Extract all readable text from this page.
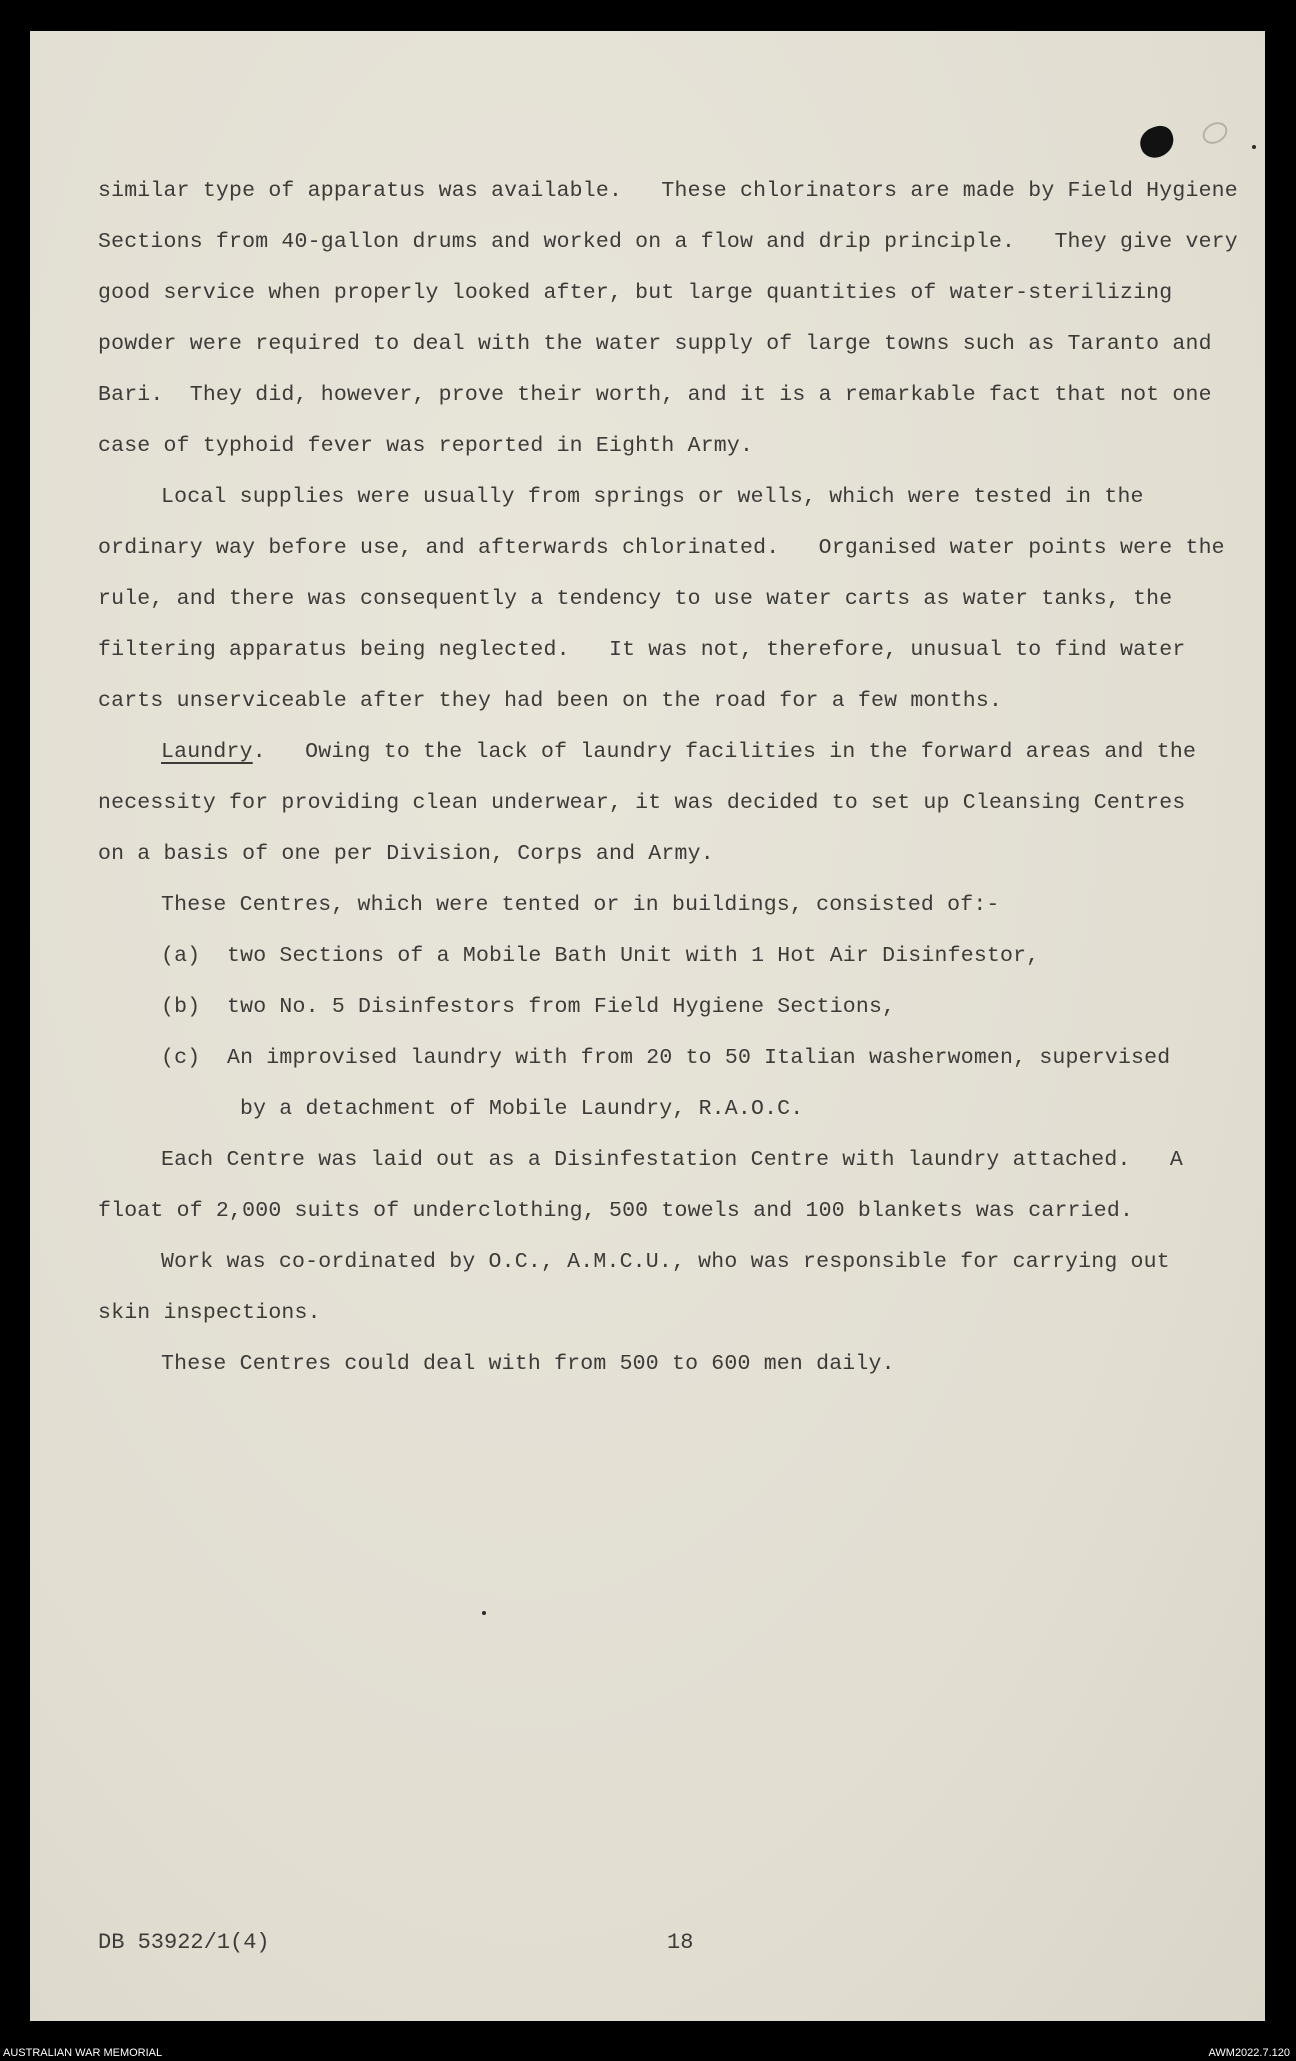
similar type of apparatus was available.   These chlorinators are made by Field Hygiene
Sections from 40-gallon drums and worked on a flow and drip principle.   They give very
good service when properly looked after, but large quantities of water-sterilizing
powder were required to deal with the water supply of large towns such as Taranto and
Bari.  They did, however, prove their worth, and it is a remarkable fact that not one
case of typhoid fever was reported in Eighth Army.
Local supplies were usually from springs or wells, which were tested in the
ordinary way before use, and afterwards chlorinated.   Organised water points were the
rule, and there was consequently a tendency to use water carts as water tanks, the
filtering apparatus being neglected.   It was not, therefore, unusual to find water
carts unserviceable after they had been on the road for a few months.
Laundry.   Owing to the lack of laundry facilities in the forward areas and the
necessity for providing clean underwear, it was decided to set up Cleansing Centres
on a basis of one per Division, Corps and Army.
These Centres, which were tented or in buildings, consisted of:-
(a) two Sections of a Mobile Bath Unit with 1 Hot Air Disinfestor,
(b) two No. 5 Disinfestors from Field Hygiene Sections,
(c) An improvised laundry with from 20 to 50 Italian washerwomen, supervised
by a detachment of Mobile Laundry, R.A.O.C.
Each Centre was laid out as a Disinfestation Centre with laundry attached.   A
float of 2,000 suits of underclothing, 500 towels and 100 blankets was carried.
Work was co-ordinated by O.C., A.M.C.U., who was responsible for carrying out
skin inspections.
These Centres could deal with from 500 to 600 men daily.
DB 53922/1(4)	18
AUSTRALIAN WAR MEMORIAL	AWM2022.7.120
